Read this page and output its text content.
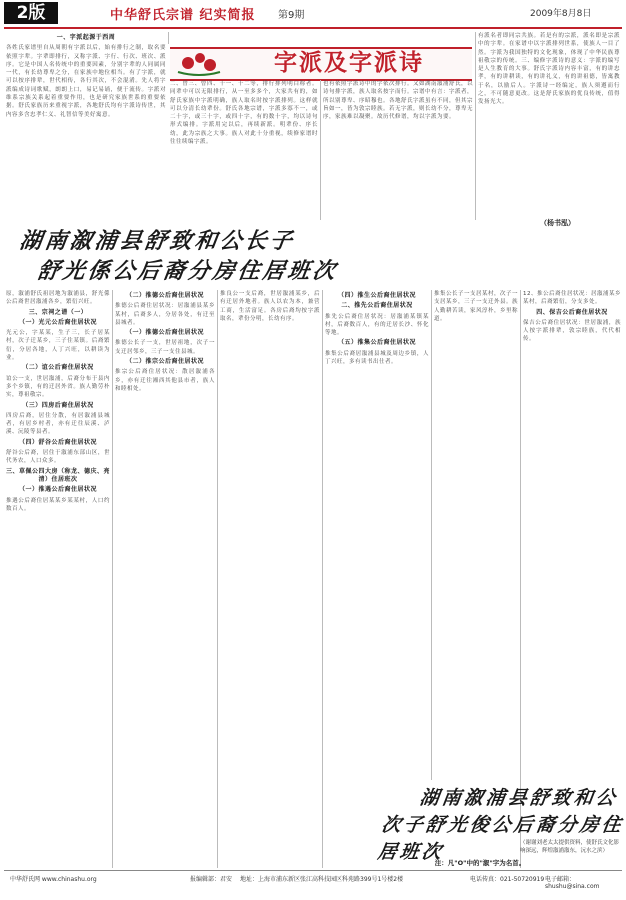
2版	中华舒氏宗谱 纪实简报 第9期	2009年8月8日
字派及字派诗
一、字派起源于西周
各姓氏家谱里自从周朝有字派以后，始有排行之制，取名要依照字辈。字辈即排行，又称字派、字行、行次、班次、派序。它是中国人名传统中的重要因素，分别字辈的人同属同一代，有长幼尊卑之分，在家族中地位相当。有了字派，就可以按序排辈，世代相传，各行其次，不会混淆。先人将字派编成诗词歌赋，朗朗上口，易记易诵，便于流传。字派对维系宗族关系起着重要作用，也是研究家族世系的重要依据。舒氏家族历来重视字派，各地舒氏均有字派诗传世，其内容多含忠孝仁义、礼智信等美好寓意。
二、曾三、曾四、十一、十二等，排行排列明白称者。同辈中可以无限排行，从一至多多个，大家共有的，如舒氏家族中字派明确，族人取名时按字派排列。这样就可以分清长幼辈份。舒氏各地宗谱，字派多寡不一，或二十字，或三十字，或四十字，有的数十字，均以诗句形式编排。字派用完以后，再续新派。明辈份、序长幼，此为宗族之大事。族人对此十分重视，续修家谱时往往续编字派。
也有依照字派诗中的字依次排行。又如湖南溆浦舒氏，以诗句排字派，族人取名按字而行。宗谱中有言：字派者，所以别尊卑、序昭穆也。各地舒氏字派虽有不同，但其宗旨如一，皆为敦宗睦族。若无字派，则长幼不分，尊卑无序，家族难以凝聚。故历代修谱，均以字派为要。
有派名者即同宗共族。若是有的宗派，派名即是宗派中的字辈。在家谱中以字派排列世系，使族人一目了然。字派为我国独特的文化现象，体现了中华民族尊祖敬宗的传统。三、编修字派诗的意义：字派的编写是人生教育的大事。舒氏字派诗内容丰富，有的讲忠孝，有的讲耕读，有的讲礼义，有的讲祖德，皆寓教于名，以励后人。字派诗一经编定，族人须遵而行之，不可随意更改。这是舒氏家族的优良传统，值得发扬光大。
（杨书泓）
湖南溆浦县舒致和公长子
舒光係公后裔分房住居班次
原，溆浦舒氏祖居地为溆浦县，舒光係公后裔世居溆浦各乡，繁衍兴旺。
三、宗祠之谱（一）
（一）光元公后裔住居状况
光元公，字某某，生子三，长子居某村，次子迁某乡，三子住某镇。后裔繁衍，分居各地，人丁兴旺，以耕读为业。
（二）谊公后裔住居状况
谊公一支，世居溆浦，后裔分布于县内多个乡镇，有的迁居外省。族人勤劳朴实，尊祖敬宗。
（三）四房后裔住居状况
四房后裔，居住分散，有居溆浦县城者，有居乡村者，亦有迁往辰溪、泸溪、沅陵等县者。
（四）舒谷公后裔住居状况
舒谷公后裔，居住于溆浦东部山区，世代务农，人口众多。
三、草佩公四大房（称龙、德庆、亮清）住居班次
（一）推遇公后裔住居状况
推遇公后裔住居某某乡某某村，人口约数百人。
（二）推德公后裔住居状况
推德公后裔住居状况：居溆浦县某乡某村，后裔多人，分居各处，有迁至县城者。
（一）推德公后裔住居状况
推德公长子一支，世居祖地，次子一支迁居邻乡，三子一支住县城。
（二）推宗公后裔住居状况
推宗公后裔住居状况：散居溆浦各乡，亦有迁往湘西其他县市者，族人和睦相处。
推良公一支后裔，世居溆浦某乡，后有迁居外地者。族人以农为本，兼营工商，生活富足。各房后裔均按字派取名，辈份分明，长幼有序。
（四）推生公后裔住居状况
二、推先公后裔住居状况
推先公后裔住居状况：居溆浦某镇某村，后裔数百人，有的迁居长沙、怀化等地。
（五）推集公后裔住居状况
推集公后裔居溆浦县城及周边乡镇，人丁兴旺，多有读书出仕者。
推集公长子一支居某村，次子一支居某乡，三子一支迁外县。族人勤耕苦读，家风淳朴，乡里称道。
12、推公后裔住居状况：居溆浦某乡某村，后裔繁衍，分支多处。
四、保吉公后裔住居状况
保吉公后裔住居状况：世居溆浦，族人按字派排辈，敦宗睦族，代代相传。
湖南溆浦县舒致和公
次子舒光俊公后裔分房住居班次	（谢谢刘老太太提供资料，使舒氏文化影响深远，辉煌溆浦溆东，沅水之滨）
注：凡"O"中的"溆"字为名首。
中华舒氏网 www.chinashu.org	报编辑部：君安 地址：上海市浦东新区张江高科技园区科苑路399号1号楼2楼	电话传真：021-50720919 电子邮箱：shushu@sina.com
